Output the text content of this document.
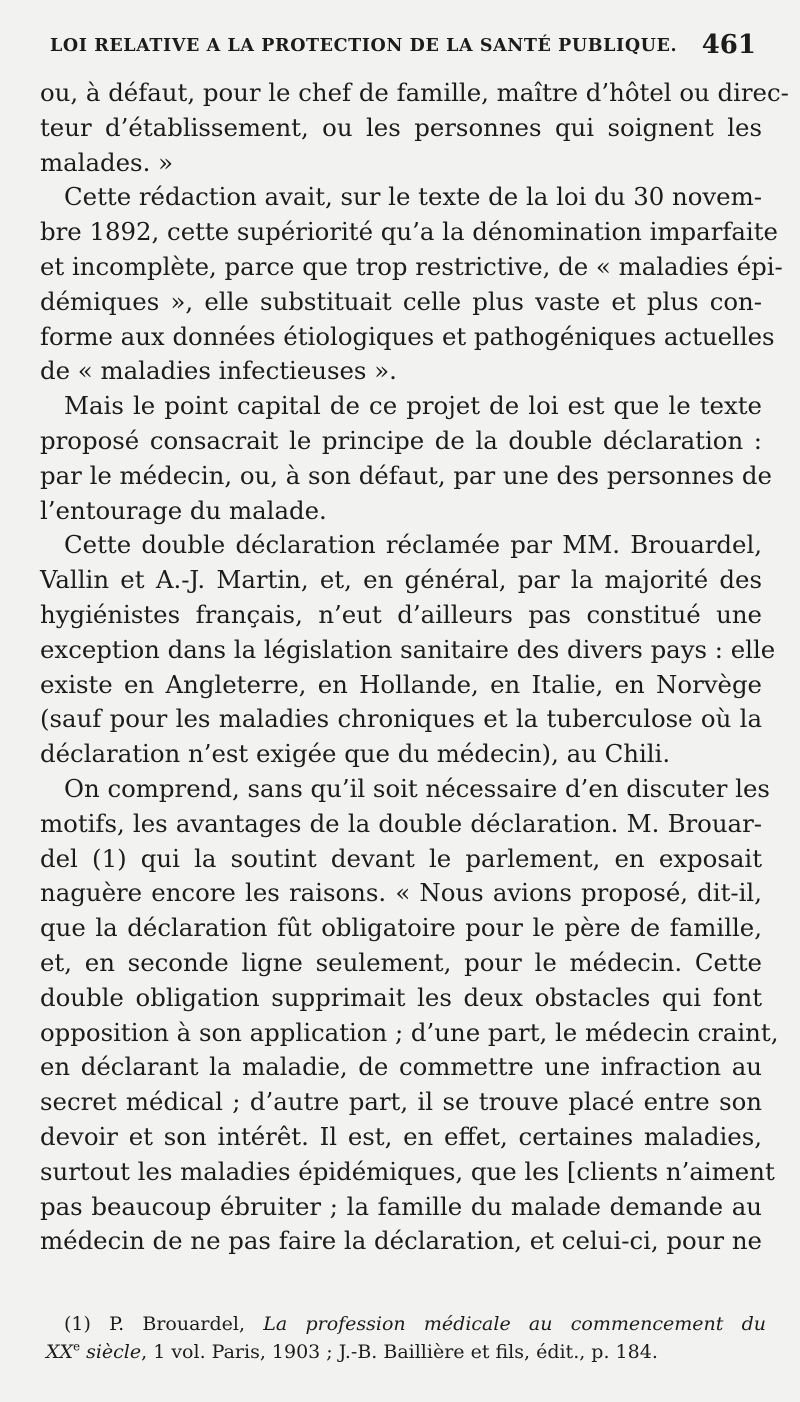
LOI RELATIVE A LA PROTECTION DE LA SANTÉ PUBLIQUE. 461
ou, à défaut, pour le chef de famille, maître d’hôtel ou direc-
teur d’établissement, ou les personnes qui soignent les
malades. »
Cette rédaction avait, sur le texte de la loi du 30 novem-
bre 1892, cette supériorité qu’a la dénomination imparfaite
et incomplète, parce que trop restrictive, de « maladies épi-
démiques », elle substituait celle plus vaste et plus con-
forme aux données étiologiques et pathogéniques actuelles
de « maladies infectieuses ».
Mais le point capital de ce projet de loi est que le texte
proposé consacrait le principe de la double déclaration :
par le médecin, ou, à son défaut, par une des personnes de
l’entourage du malade.
Cette double déclaration réclamée par MM. Brouardel,
Vallin et A.-J. Martin, et, en général, par la majorité des
hygiénistes français, n’eut d’ailleurs pas constitué une
exception dans la législation sanitaire des divers pays : elle
existe en Angleterre, en Hollande, en Italie, en Norvège
(sauf pour les maladies chroniques et la tuberculose où la
déclaration n’est exigée que du médecin), au Chili.
On comprend, sans qu’il soit nécessaire d’en discuter les
motifs, les avantages de la double déclaration. M. Brouar-
del (1) qui la soutint devant le parlement, en exposait
naguère encore les raisons. « Nous avions proposé, dit-il,
que la déclaration fût obligatoire pour le père de famille,
et, en seconde ligne seulement, pour le médecin. Cette
double obligation supprimait les deux obstacles qui font
opposition à son application ; d’une part, le médecin craint,
en déclarant la maladie, de commettre une infraction au
secret médical ; d’autre part, il se trouve placé entre son
devoir et son intérêt. Il est, en effet, certaines maladies,
surtout les maladies épidémiques, que les [clients n’aiment
pas beaucoup ébruiter ; la famille du malade demande au
médecin de ne pas faire la déclaration, et celui-ci, pour ne
(1) P. Brouardel, La profession médicale au commencement du
XXe siècle, 1 vol. Paris, 1903 ; J.-B. Baillière et fils, édit., p. 184.
